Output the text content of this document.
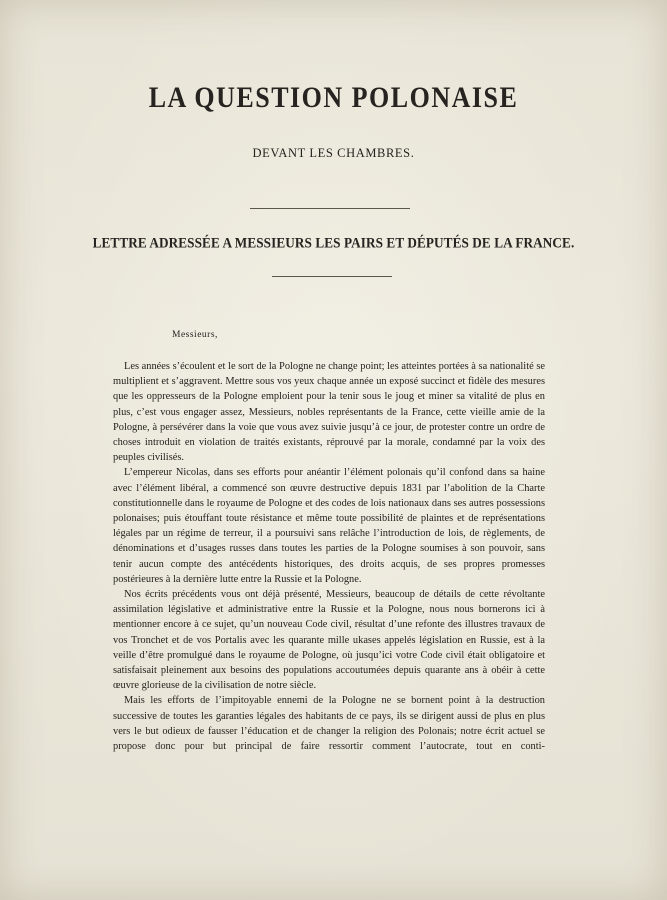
LA QUESTION POLONAISE
DEVANT LES CHAMBRES.
LETTRE ADRESSÉE A MESSIEURS LES PAIRS ET DÉPUTÉS DE LA FRANCE.
Messieurs,

Les années s’écoulent et le sort de la Pologne ne change point; les atteintes portées à sa nationalité se multiplient et s’aggravent. Mettre sous vos yeux chaque année un exposé succinct et fidèle des mesures que les oppresseurs de la Pologne emploient pour la tenir sous le joug et miner sa vitalité de plus en plus, c’est vous engager assez, Messieurs, nobles représentants de la France, cette vieille amie de la Pologne, à persévérer dans la voie que vous avez suivie jusqu’à ce jour, de protester contre un ordre de choses introduit en violation de traités existants, réprouvé par la morale, condamné par la voix des peuples civilisés.

L’empereur Nicolas, dans ses efforts pour anéantir l’élément polonais qu’il confond dans sa haine avec l’élément libéral, a commencé son œuvre destructive depuis 1831 par l’abolition de la Charte constitutionnelle dans le royaume de Pologne et des codes de lois nationaux dans ses autres possessions polonaises; puis étouffant toute résistance et même toute possibilité de plaintes et de représentations légales par un régime de terreur, il a poursuivi sans relâche l’introduction de lois, de règlements, de dénominations et d’usages russes dans toutes les parties de la Pologne soumises à son pouvoir, sans tenir aucun compte des antécédents historiques, des droits acquis, de ses propres promesses postérieures à la dernière lutte entre la Russie et la Pologne.

Nos écrits précédents vous ont déjà présenté, Messieurs, beaucoup de détails de cette révoltante assimilation législative et administrative entre la Russie et la Pologne, nous nous bornerons ici à mentionner encore à ce sujet, qu’un nouveau Code civil, résultat d’une refonte des illustres travaux de vos Tronchet et de vos Portalis avec les quarante mille ukases appelés législation en Russie, est à la veille d’être promulgué dans le royaume de Pologne, où jusqu’ici votre Code civil était obligatoire et satisfaisait pleinement aux besoins des populations accoutumées depuis quarante ans à obéir à cette œuvre glorieuse de la civilisation de notre siècle.

Mais les efforts de l’impitoyable ennemi de la Pologne ne se bornent point à la destruction successive de toutes les garanties légales des habitants de ce pays, ils se dirigent aussi de plus en plus vers le but odieux de fausser l’éducation et de changer la religion des Polonais; notre écrit actuel se propose donc pour but principal de faire ressortir comment l’autocrate, tout en conti-
